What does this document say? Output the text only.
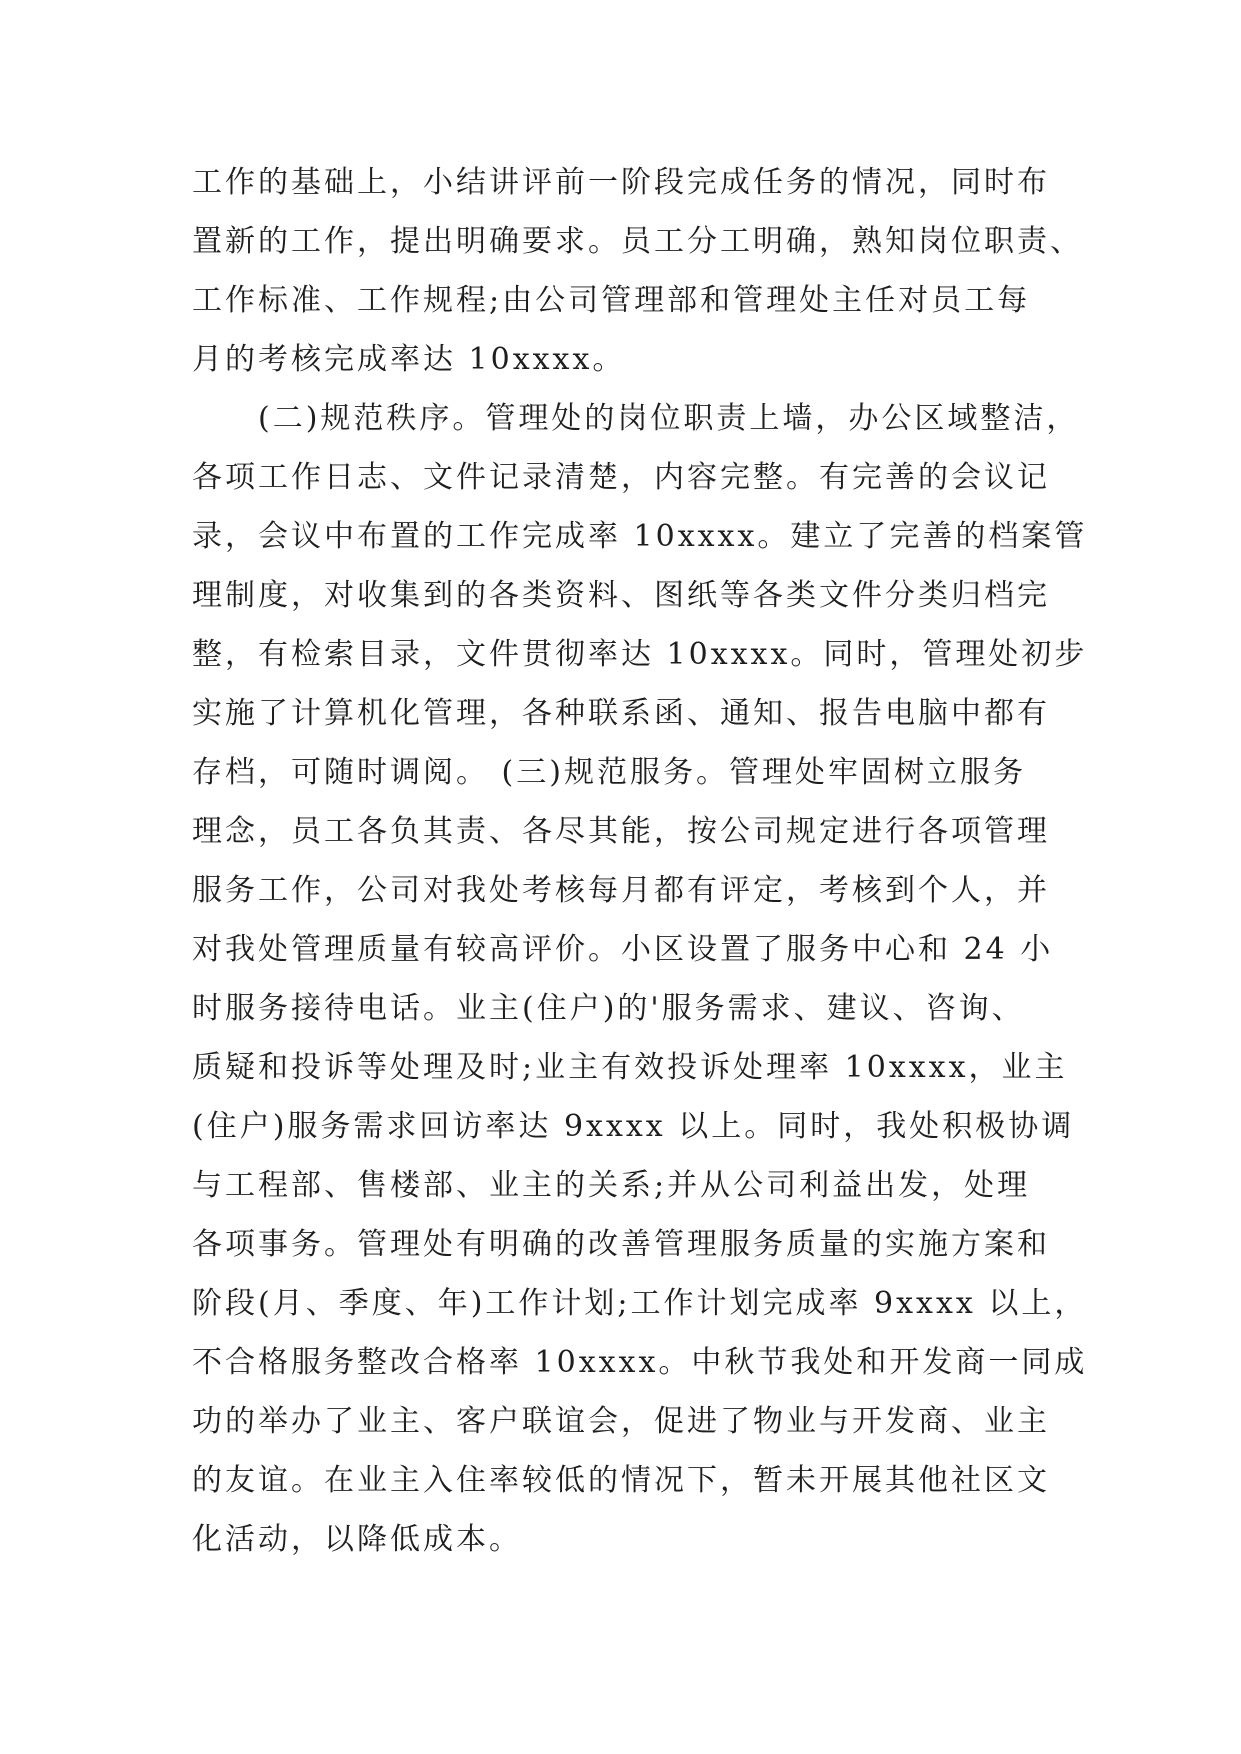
工作的基础上，小结讲评前一阶段完成任务的情况，同时布
置新的工作，提出明确要求。员工分工明确，熟知岗位职责、
工作标准、工作规程;由公司管理部和管理处主任对员工每
月的考核完成率达 10xxxx。
　　(二)规范秩序。管理处的岗位职责上墙，办公区域整洁，
各项工作日志、文件记录清楚，内容完整。有完善的会议记
录，会议中布置的工作完成率 10xxxx。建立了完善的档案管
理制度，对收集到的各类资料、图纸等各类文件分类归档完
整，有检索目录，文件贯彻率达 10xxxx。同时，管理处初步
实施了计算机化管理，各种联系函、通知、报告电脑中都有
存档，可随时调阅。 (三)规范服务。管理处牢固树立服务
理念，员工各负其责、各尽其能，按公司规定进行各项管理
服务工作，公司对我处考核每月都有评定，考核到个人，并
对我处管理质量有较高评价。小区设置了服务中心和 24 小
时服务接待电话。业主(住户)的'服务需求、建议、咨询、
质疑和投诉等处理及时;业主有效投诉处理率 10xxxx，业主
(住户)服务需求回访率达 9xxxx 以上。同时，我处积极协调
与工程部、售楼部、业主的关系;并从公司利益出发，处理
各项事务。管理处有明确的改善管理服务质量的实施方案和
阶段(月、季度、年)工作计划;工作计划完成率 9xxxx 以上，
不合格服务整改合格率 10xxxx。中秋节我处和开发商一同成
功的举办了业主、客户联谊会，促进了物业与开发商、业主
的友谊。在业主入住率较低的情况下，暂未开展其他社区文
化活动，以降低成本。
